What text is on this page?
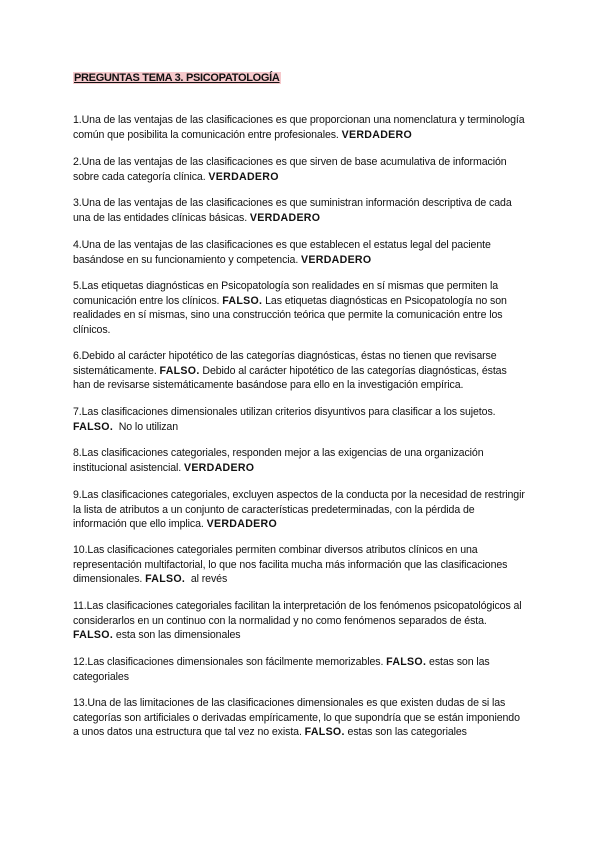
PREGUNTAS TEMA 3. PSICOPATOLOGÍA

1.Una de las ventajas de las clasificaciones es que proporcionan una nomenclatura y terminología común que posibilita la comunicación entre profesionales. VERDADERO

2.Una de las ventajas de las clasificaciones es que sirven de base acumulativa de información sobre cada categoría clínica. VERDADERO

3.Una de las ventajas de las clasificaciones es que suministran información descriptiva de cada una de las entidades clínicas básicas. VERDADERO

4.Una de las ventajas de las clasificaciones es que establecen el estatus legal del paciente basándose en su funcionamiento y competencia. VERDADERO

5.Las etiquetas diagnósticas en Psicopatología son realidades en sí mismas que permiten la comunicación entre los clínicos. FALSO. Las etiquetas diagnósticas en Psicopatología no son realidades en sí mismas, sino una construcción teórica que permite la comunicación entre los clínicos.

6.Debido al carácter hipotético de las categorías diagnósticas, éstas no tienen que revisarse sistemáticamente. FALSO. Debido al carácter hipotético de las categorías diagnósticas, éstas han de revisarse sistemáticamente basándose para ello en la investigación empírica.

7.Las clasificaciones dimensionales utilizan criterios disyuntivos para clasificar a los sujetos. FALSO.  No lo utilizan

8.Las clasificaciones categoriales, responden mejor a las exigencias de una organización institucional asistencial. VERDADERO

9.Las clasificaciones categoriales, excluyen aspectos de la conducta por la necesidad de restringir la lista de atributos a un conjunto de características predeterminadas, con la pérdida de información que ello implica. VERDADERO

10.Las clasificaciones categoriales permiten combinar diversos atributos clínicos en una representación multifactorial, lo que nos facilita mucha más información que las clasificaciones dimensionales. FALSO.  al revés

11.Las clasificaciones categoriales facilitan la interpretación de los fenómenos psicopatológicos al considerarlos en un continuo con la normalidad y no como fenómenos separados de ésta. FALSO. esta son las dimensionales

12.Las clasificaciones dimensionales son fácilmente memorizables. FALSO. estas son las categoriales

13.Una de las limitaciones de las clasificaciones dimensionales es que existen dudas de si las categorías son artificiales o derivadas empíricamente, lo que supondría que se están imponiendo a unos datos una estructura que tal vez no exista. FALSO. estas son las categoriales
